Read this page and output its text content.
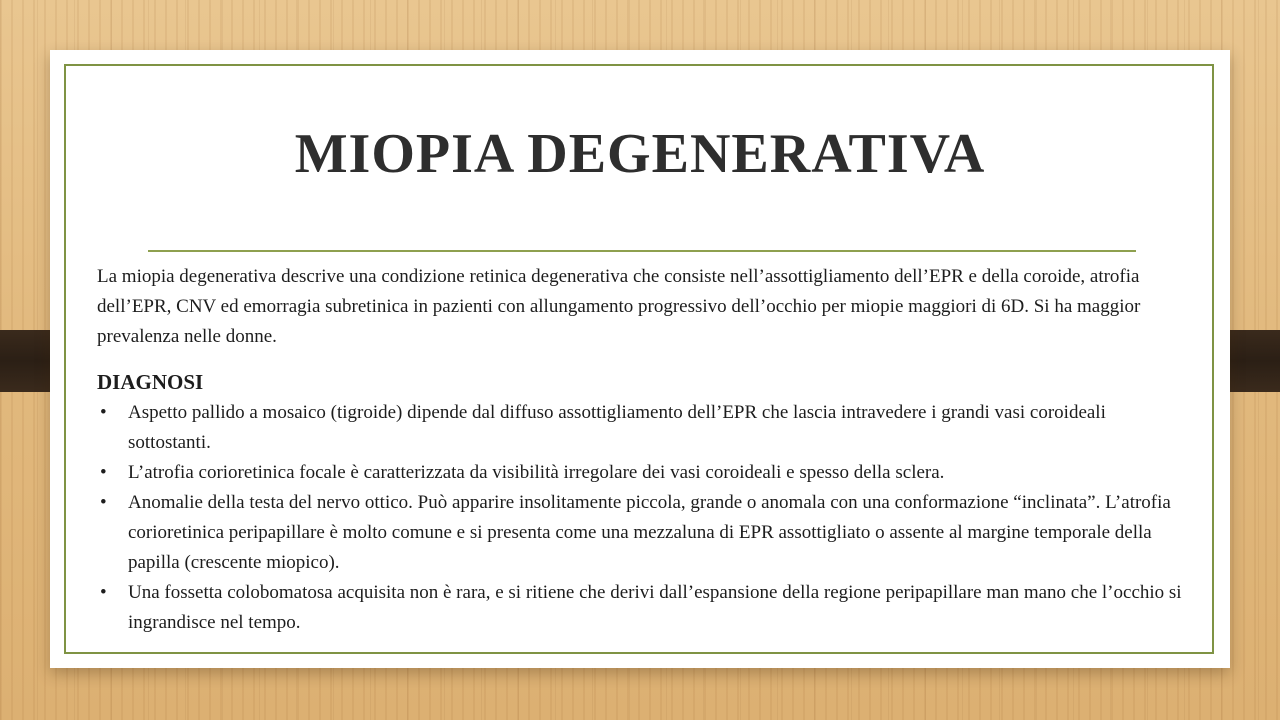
MIOPIA DEGENERATIVA

La miopia degenerativa descrive una condizione retinica degenerativa che consiste nell’assottigliamento dell’EPR e della coroide, atrofia dell’EPR, CNV ed emorragia subretinica in pazienti con allungamento progressivo dell’occhio per miopie maggiori di 6D. Si ha maggior prevalenza nelle donne.

DIAGNOSI
• Aspetto pallido a mosaico (tigroide) dipende dal diffuso assottigliamento dell’EPR che lascia intravedere i grandi vasi coroideali sottostanti.
• L’atrofia corioretinica focale è caratterizzata da visibilità irregolare dei vasi coroideali e spesso della sclera.
• Anomalie della testa del nervo ottico. Può apparire insolitamente piccola, grande o anomala con una conformazione “inclinata”. L’atrofia corioretinica peripapillare è molto comune e si presenta come una mezzaluna di EPR assottigliato o assente al margine temporale della papilla (crescente miopico).
• Una fossetta colobomatosa acquisita non è rara, e si ritiene che derivi dall’espansione della regione peripapillare man mano che l’occhio si ingrandisce nel tempo.
